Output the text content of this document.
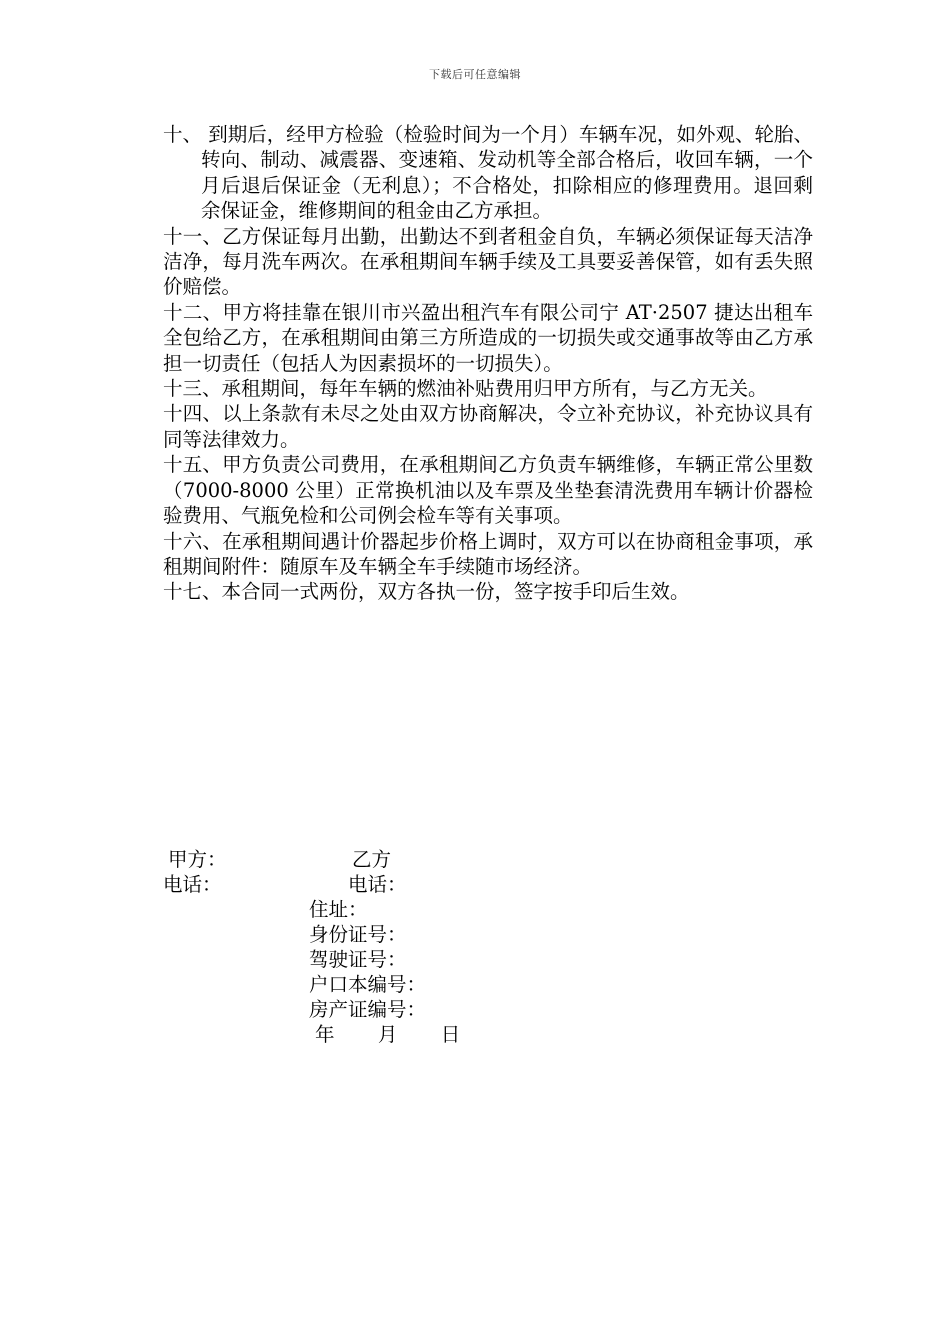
下载后可任意编辑

十、 到期后，经甲方检验（检验时间为一个月）车辆车况，如外观、轮胎、转向、制动、减震器、变速箱、发动机等全部合格后，收回车辆，一个月后退后保证金（无利息）；不合格处，扣除相应的修理费用。退回剩余保证金，维修期间的租金由乙方承担。

十一、乙方保证每月出勤，出勤达不到者租金自负，车辆必须保证每天洁净洁净，每月洗车两次。在承租期间车辆手续及工具要妥善保管，如有丢失照价赔偿。

十二、甲方将挂靠在银川市兴盈出租汽车有限公司宁 AT·2507 捷达出租车全包给乙方，在承租期间由第三方所造成的一切损失或交通事故等由乙方承担一切责任（包括人为因素损坏的一切损失）。

十三、承租期间，每年车辆的燃油补贴费用归甲方所有，与乙方无关。

十四、以上条款有未尽之处由双方协商解决，令立补充协议，补充协议具有同等法律效力。

十五、甲方负责公司费用，在承租期间乙方负责车辆维修，车辆正常公里数（7000-8000 公里）正常换机油以及车票及坐垫套清洗费用车辆计价器检验费用、气瓶免检和公司例会检车等有关事项。

十六、在承租期间遇计价器起步价格上调时，双方可以在协商租金事项，承租期间附件：随原车及车辆全车手续随市场经济。

十七、本合同一式两份，双方各执一份，签字按手印后生效。

甲方：	乙方
电话：	电话：
住址：
身份证号：
驾驶证号：
户口本编号：
房产证编号：
年       月       日
